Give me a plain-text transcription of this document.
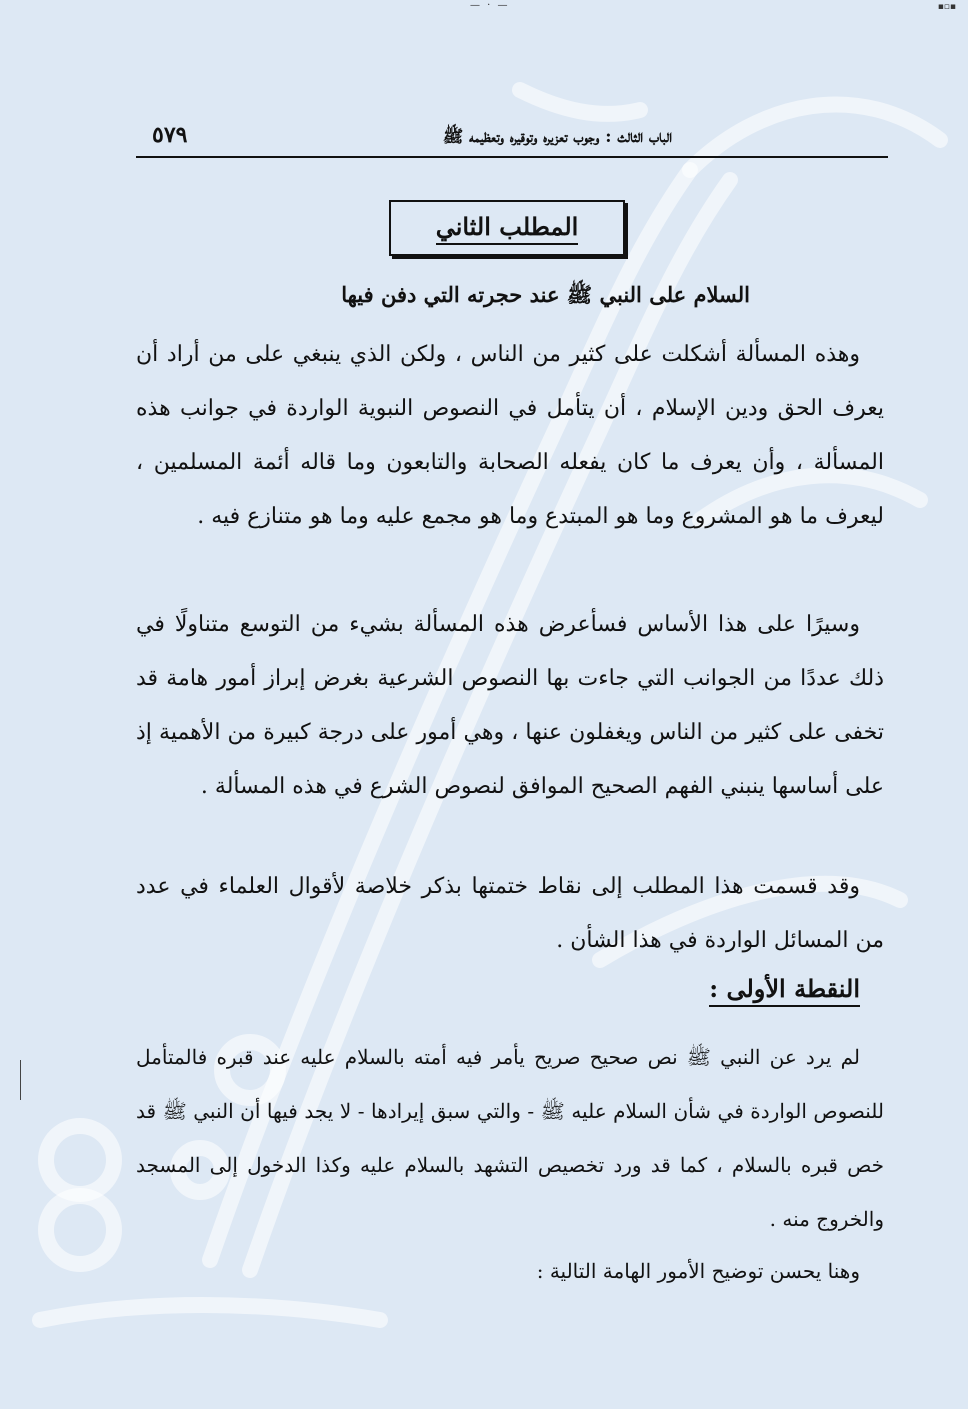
— · —	▪▫▪
الباب الثالث : وجوب تعزيره وتوقيره وتعظيمه ﷺ
٥٧٩
المطلب الثاني
السلام على النبي ﷺ عند حجرته التي دفن فيها

وهذه المسألة أشكلت على كثير من الناس ، ولكن الذي ينبغي على من أراد أن يعرف الحق ودين الإسلام ، أن يتأمل في النصوص النبوية الواردة في جوانب هذه المسألة ، وأن يعرف ما كان يفعله الصحابة والتابعون وما قاله أئمة المسلمين ، ليعرف ما هو المشروع وما هو المبتدع وما هو مجمع عليه وما هو متنازع فيه .

وسيرًا على هذا الأساس فسأعرض هذه المسألة بشيء من التوسع متناولًا في ذلك عددًا من الجوانب التي جاءت بها النصوص الشرعية بغرض إبراز أمور هامة قد تخفى على كثير من الناس ويغفلون عنها ، وهي أمور على درجة كبيرة من الأهمية إذ على أساسها ينبني الفهم الصحيح الموافق لنصوص الشرع في هذه المسألة .

وقد قسمت هذا المطلب إلى نقاط ختمتها بذكر خلاصة لأقوال العلماء في عدد من المسائل الواردة في هذا الشأن .

النقطة الأولى :

لم يرد عن النبي ﷺ نص صحيح صريح يأمر فيه أمته بالسلام عليه عند قبره فالمتأمل للنصوص الواردة في شأن السلام عليه ﷺ - والتي سبق إيرادها - لا يجد فيها أن النبي ﷺ قد خص قبره بالسلام ، كما قد ورد تخصيص التشهد بالسلام عليه وكذا الدخول إلى المسجد والخروج منه .

وهنا يحسن توضيح الأمور الهامة التالية :
